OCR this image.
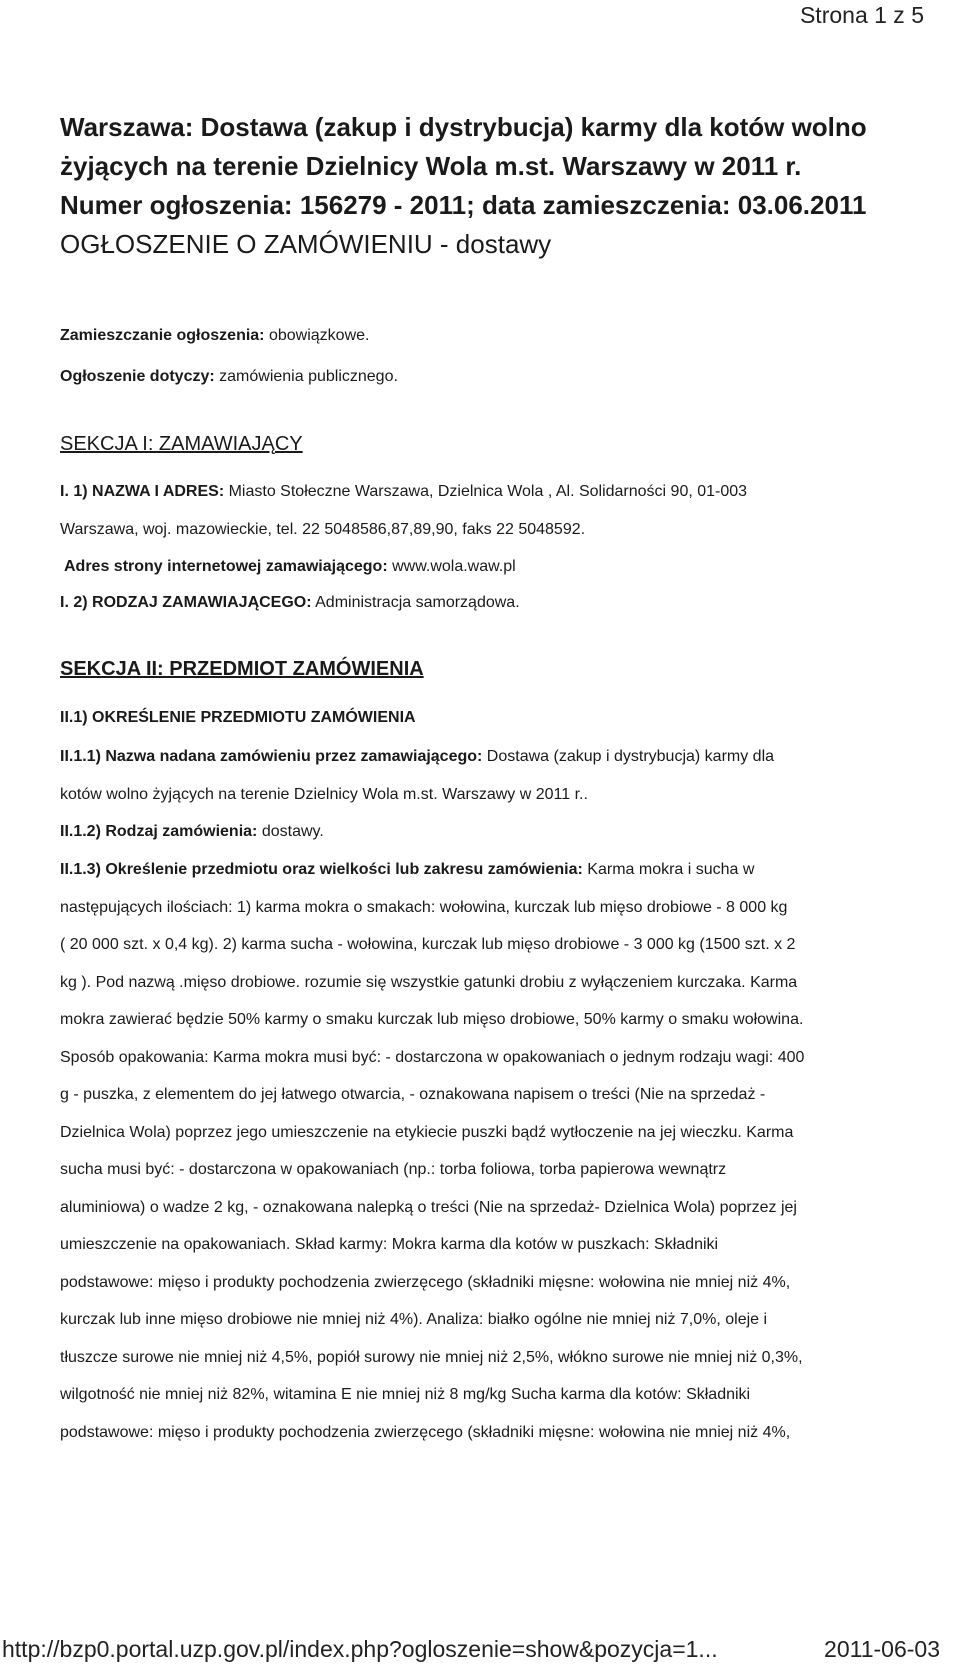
Strona 1 z 5

Warszawa: Dostawa (zakup i dystrybucja) karmy dla kotów wolno

żyjących na terenie Dzielnicy Wola m.st. Warszawy w 2011 r.

Numer ogłoszenia: 156279 - 2011; data zamieszczenia: 03.06.2011

OGŁOSZENIE O ZAMÓWIENIU - dostawy

Zamieszczanie ogłoszenia: obowiązkowe.

Ogłoszenie dotyczy: zamówienia publicznego.

SEKCJA I: ZAMAWIAJĄCY

I. 1) NAZWA I ADRES: Miasto Stołeczne Warszawa, Dzielnica Wola , Al. Solidarności 90, 01-003

Warszawa, woj. mazowieckie, tel. 22 5048586,87,89,90, faks 22 5048592.

Adres strony internetowej zamawiającego: www.wola.waw.pl

I. 2) RODZAJ ZAMAWIAJĄCEGO: Administracja samorządowa.

SEKCJA II: PRZEDMIOT ZAMÓWIENIA

II.1) OKREŚLENIE PRZEDMIOTU ZAMÓWIENIA

II.1.1) Nazwa nadana zamówieniu przez zamawiającego: Dostawa (zakup i dystrybucja) karmy dla

kotów wolno żyjących na terenie Dzielnicy Wola m.st. Warszawy w 2011 r..

II.1.2) Rodzaj zamówienia: dostawy.

II.1.3) Określenie przedmiotu oraz wielkości lub zakresu zamówienia: Karma mokra i sucha w

następujących ilościach: 1) karma mokra o smakach: wołowina, kurczak lub mięso drobiowe - 8 000 kg

( 20 000 szt. x 0,4 kg). 2) karma sucha - wołowina, kurczak lub mięso drobiowe - 3 000 kg (1500 szt. x 2

kg ). Pod nazwą .mięso drobiowe. rozumie się wszystkie gatunki drobiu z wyłączeniem kurczaka. Karma

mokra zawierać będzie 50% karmy o smaku kurczak lub mięso drobiowe, 50% karmy o smaku wołowina.

Sposób opakowania: Karma mokra musi być: - dostarczona w opakowaniach o jednym rodzaju wagi: 400

g - puszka, z elementem do jej łatwego otwarcia, - oznakowana napisem o treści (Nie na sprzedaż -

Dzielnica Wola) poprzez jego umieszczenie na etykiecie puszki bądź wytłoczenie na jej wieczku. Karma

sucha musi być: - dostarczona w opakowaniach (np.: torba foliowa, torba papierowa wewnątrz

aluminiowa) o wadze 2 kg, - oznakowana nalepką o treści (Nie na sprzedaż- Dzielnica Wola) poprzez jej

umieszczenie na opakowaniach. Skład karmy: Mokra karma dla kotów w puszkach: Składniki

podstawowe: mięso i produkty pochodzenia zwierzęcego (składniki mięsne: wołowina nie mniej niż 4%,

kurczak lub inne mięso drobiowe nie mniej niż 4%). Analiza: białko ogólne nie mniej niż 7,0%, oleje i

tłuszcze surowe nie mniej niż 4,5%, popiół surowy nie mniej niż 2,5%, włókno surowe nie mniej niż 0,3%,

wilgotność nie mniej niż 82%, witamina E nie mniej niż 8 mg/kg Sucha karma dla kotów: Składniki

podstawowe: mięso i produkty pochodzenia zwierzęcego (składniki mięsne: wołowina nie mniej niż 4%,

http://bzp0.portal.uzp.gov.pl/index.php?ogloszenie=show&pozycja=1...	2011-06-03
